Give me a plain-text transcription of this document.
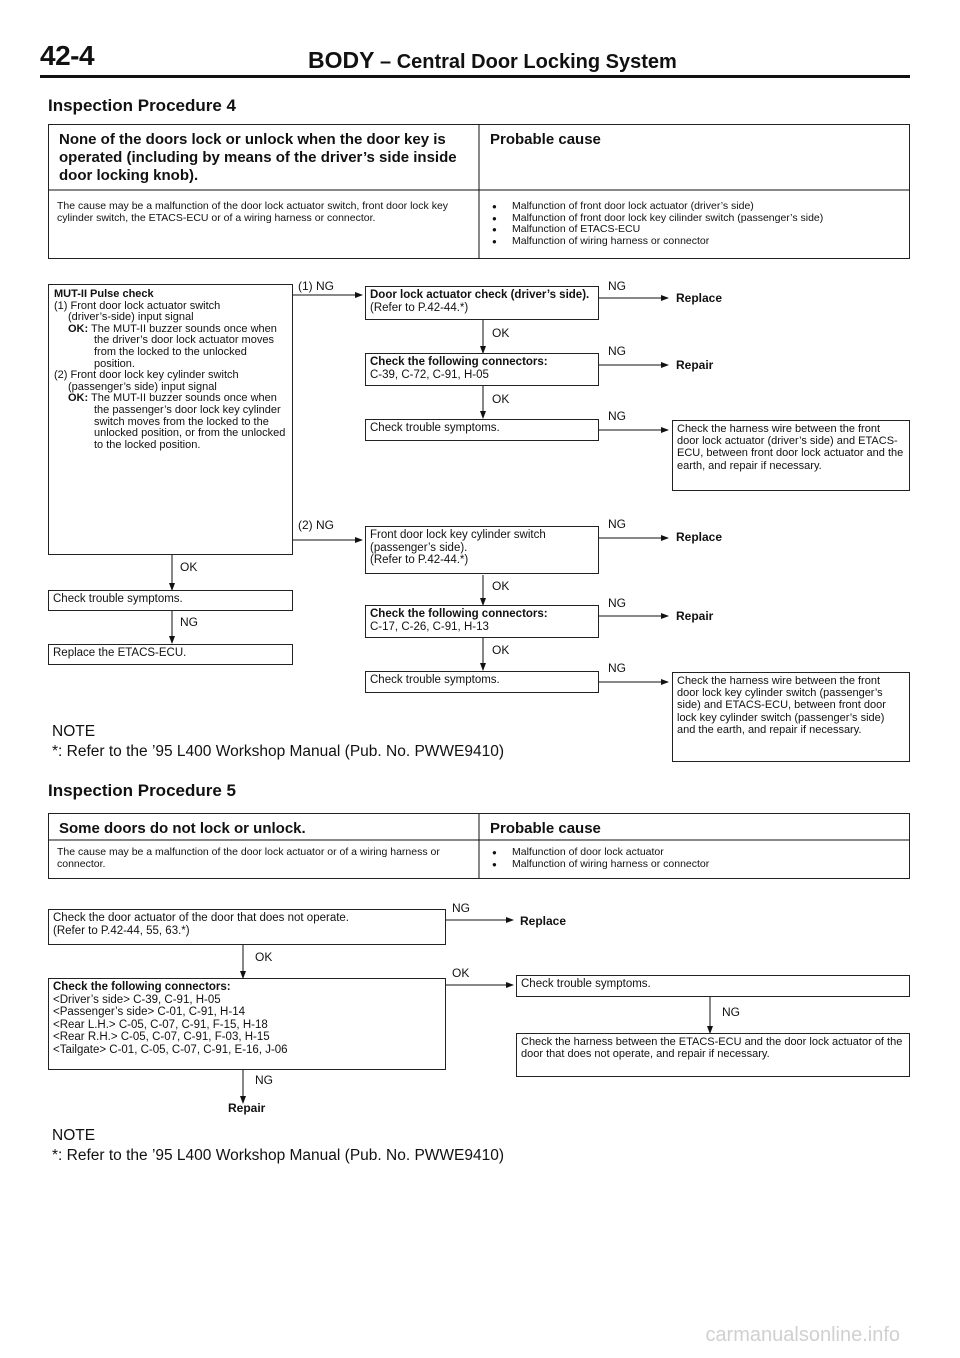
42-4	BODY – Central Door Locking System
Inspection Procedure 4
None of the doors lock or unlock when the door key is operated (including by means of the driver’s side inside door locking knob).
Probable cause
The cause may be a malfunction of the door lock actuator switch, front door lock key cylinder switch, the ETACS-ECU or of a wiring harness or connector.
● Malfunction of front door lock actuator (driver’s side)
● Malfunction of front door lock key cilinder switch (passenger’s side)
● Malfunction of ETACS-ECU
● Malfunction of wiring harness or connector
MUT-II Pulse check
(1) Front door lock actuator switch
(driver’s-side) input signal
OK: The MUT-II buzzer sounds once when the driver’s door lock actuator moves from the locked to the unlocked position.
(2) Front door lock key cylinder switch
(passenger’s side) input signal
OK: The MUT-II buzzer sounds once when the passenger’s door lock key cylinder switch moves from the locked to the unlocked position, or from the unlocked to the locked position.
OK
Check trouble symptoms.
NG
Replace the ETACS-ECU.
(1) NG
Door lock actuator check (driver’s side).
(Refer to P.42-44.*)
NG
Replace
OK
Check the following connectors:
C-39, C-72, C-91, H-05
NG
Repair
OK
Check trouble symptoms.
NG
Check the harness wire between the front door lock actuator (driver’s side) and ETACS-ECU, between front door lock actuator and the earth, and repair if necessary.
(2) NG
Front door lock key cylinder switch
(passenger’s side).
(Refer to P.42-44.*)
NG
Replace
OK
Check the following connectors:
C-17, C-26, C-91, H-13
NG
Repair
OK
Check trouble symptoms.
NG
Check the harness wire between the front door lock key cylinder switch (passenger’s side) and ETACS-ECU, between front door lock key cylinder switch (passenger’s side) and the earth, and repair if necessary.
NOTE
*: Refer to the ’95 L400 Workshop Manual (Pub. No. PWWE9410)
Inspection Procedure 5
Some doors do not lock or unlock.	Probable cause
The cause may be a malfunction of the door lock actuator or of a wiring harness or connector.
● Malfunction of door lock actuator
● Malfunction of wiring harness or connector
Check the door actuator of the door that does not operate.
(Refer to P.42-44, 55, 63.*)
NG
Replace
OK
Check the following connectors:
<Driver’s side> C-39, C-91, H-05
<Passenger’s side> C-01, C-91, H-14
<Rear L.H.> C-05, C-07, C-91, F-15, H-18
<Rear R.H.> C-05, C-07, C-91, F-03, H-15
<Tailgate> C-01, C-05, C-07, C-91, E-16, J-06
OK
Check trouble symptoms.
NG
Check the harness between the ETACS-ECU and the door lock actuator of the door that does not operate, and repair if necessary.
NG
Repair
NOTE
*: Refer to the ’95 L400 Workshop Manual (Pub. No. PWWE9410)
carmanualsonline.info
